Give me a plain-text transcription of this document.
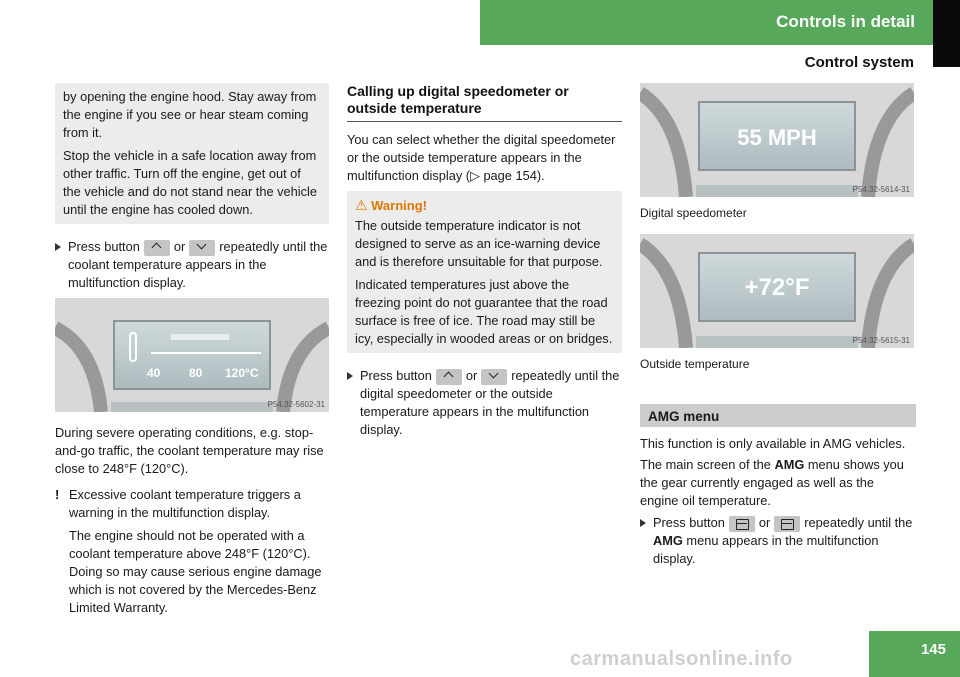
Controls in detail
Control system

by opening the engine hood. Stay away from the engine if you see or hear steam coming from it.

Stop the vehicle in a safe location away from other traffic. Turn off the engine, get out of the vehicle and do not stand near the vehicle until the engine has cooled down.

Press button	or	repeatedly until the coolant temperature appears in the multifunction display.
40 80 120°C
P54.32-5602-31

During severe operating conditions, e.g. stop-and-go traffic, the coolant temperature may rise close to 248°F (120°C).

! Excessive coolant temperature triggers a warning in the multifunction display.

The engine should not be operated with a coolant temperature above 248°F (120°C). Doing so may cause serious engine damage which is not covered by the Mercedes-Benz Limited Warranty.

Calling up digital speedometer or outside temperature

You can select whether the digital speedometer or the outside temperature appears in the multifunction display (▷ page 154).

⚠ Warning!

The outside temperature indicator is not designed to serve as an ice-warning device and is therefore unsuitable for that purpose.

Indicated temperatures just above the freezing point do not guarantee that the road surface is free of ice. The road may still be icy, especially in wooded areas or on bridges.

Press button	or	repeatedly until the digital speedometer or the outside temperature appears in the multifunction display.
55 MPH
P54.32-5614-31
Digital speedometer
+72°F
P54.32-5615-31
Outside temperature
AMG menu

This function is only available in AMG vehicles.

The main screen of the AMG menu shows you the gear currently engaged as well as the engine oil temperature.

Press button	or	repeatedly until the AMG menu appears in the multifunction display.
145
carmanualsonline.info
